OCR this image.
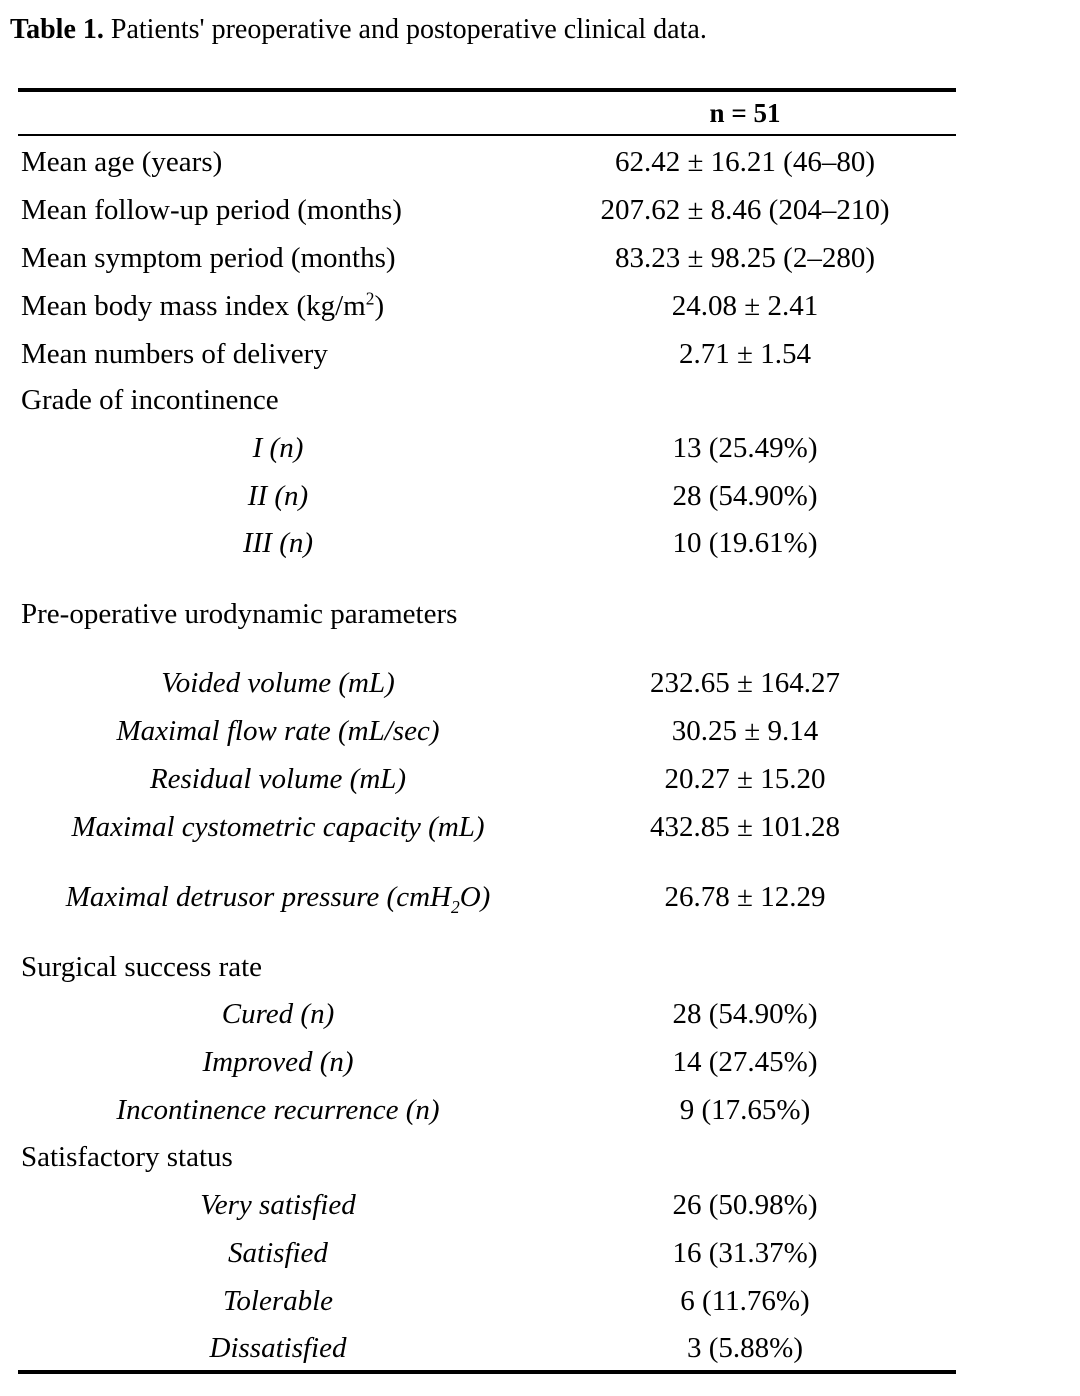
Table 1. Patients' preoperative and postoperative clinical data.
n = 51
Mean age (years)	62.42 ± 16.21 (46–80)
Mean follow-up period (months)	207.62 ± 8.46 (204–210)
Mean symptom period (months)	83.23 ± 98.25 (2–280)
Mean body mass index $(kg/m^2)$	24.08 ± 2.41
Mean numbers of delivery	2.71 ± 1.54
Grade of incontinence
I (n)	13 (25.49%)
II (n)	28 (54.90%)
III (n)	10 (19.61%)
Pre-operative urodynamic parameters
Voided volume (mL)	232.65 ± 164.27
Maximal flow rate (mL/sec)	30.25 ± 9.14
Residual volume (mL)	20.27 ± 15.20
Maximal cystometric capacity (mL)	432.85 ± 101.28
Maximal detrusor pressure (cmH$_2$O)	26.78 ± 12.29
Surgical success rate
Cured (n)	28 (54.90%)
Improved (n)	14 (27.45%)
Incontinence recurrence (n)	9 (17.65%)
Satisfactory status
Very satisfied	26 (50.98%)
Satisfied	16 (31.37%)
Tolerable	6 (11.76%)
Dissatisfied	3 (5.88%)
